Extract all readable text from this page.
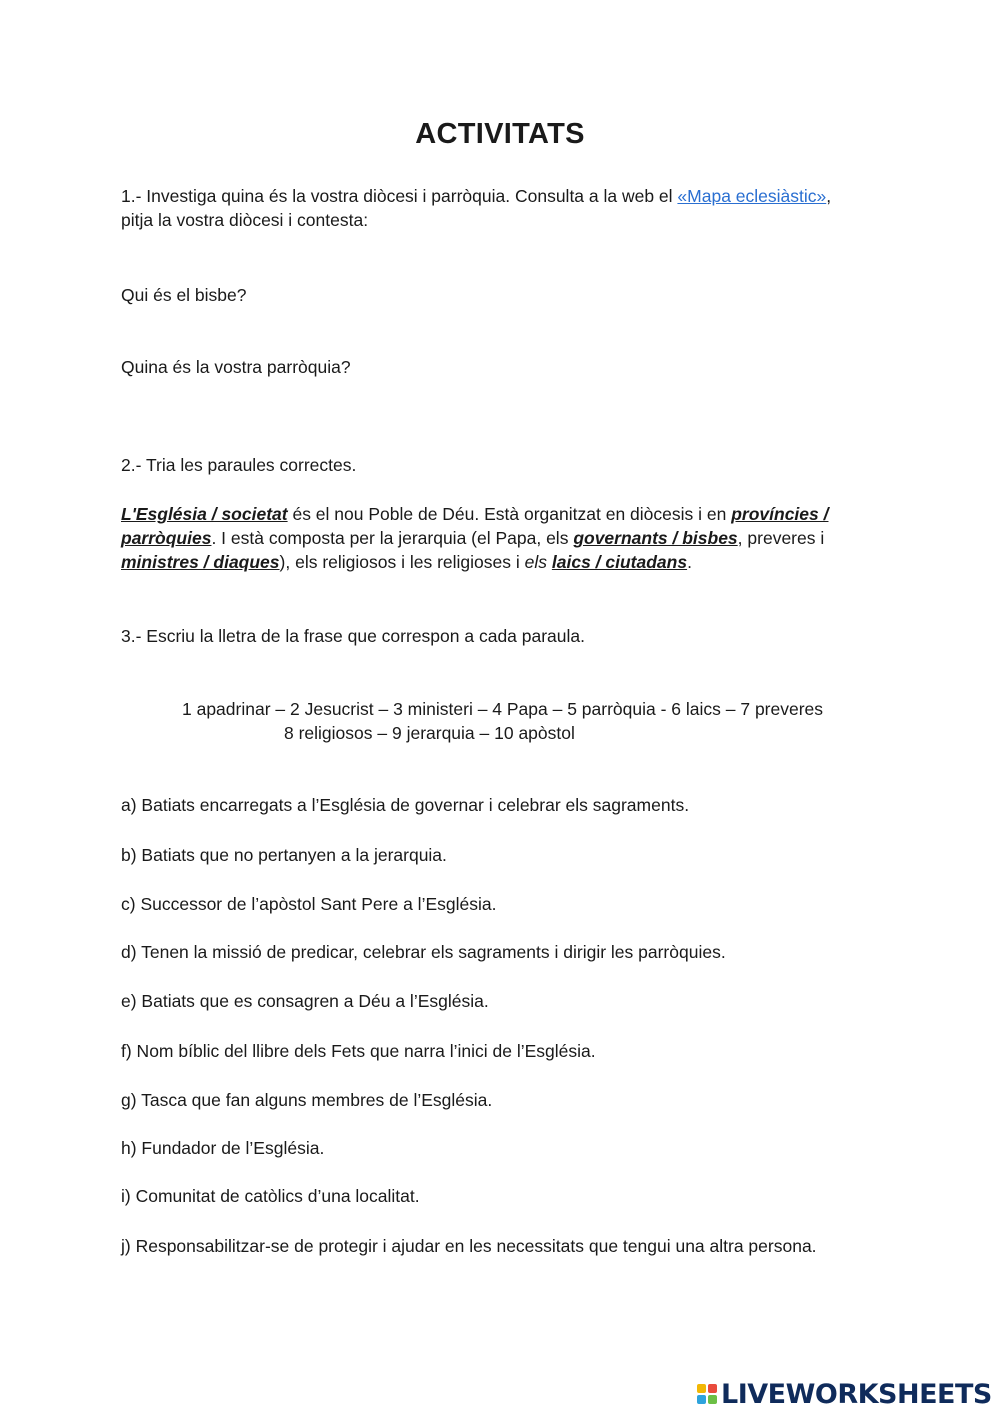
ACTIVITATS
1.- Investiga quina és la vostra diòcesi i parròquia. Consulta a la web el «Mapa eclesiàstic»,
pitja la vostra diòcesi i contesta:
Qui és el bisbe?
Quina és la vostra parròquia?
2.- Tria les paraules correctes.
L'Església / societat és el nou Poble de Déu. Està organitzat en diòcesis i en províncies / parròquies. I està composta per la jerarquia (el Papa, els governants / bisbes, preveres i ministres / diaques), els religiosos i les religioses i els laics / ciutadans.
3.- Escriu la lletra de la frase que correspon a cada paraula.
1 apadrinar – 2 Jesucrist – 3 ministeri – 4 Papa – 5 parròquia - 6 laics – 7 preveres
8 religiosos – 9 jerarquia – 10 apòstol
a) Batiats encarregats a l’Església de governar i celebrar els sagraments.
b) Batiats que no pertanyen a la jerarquia.
c) Successor de l’apòstol Sant Pere a l’Església.
d) Tenen la missió de predicar, celebrar els sagraments i dirigir les parròquies.
e) Batiats que es consagren a Déu a l’Església.
f) Nom bíblic del llibre dels Fets que narra l’inici de l’Església.
g) Tasca que fan alguns membres de l’Església.
h) Fundador de l’Església.
i) Comunitat de catòlics d’una localitat.
j) Responsabilitzar-se de protegir i ajudar en les necessitats que tengui una altra persona.
LIVEWORKSHEETS
